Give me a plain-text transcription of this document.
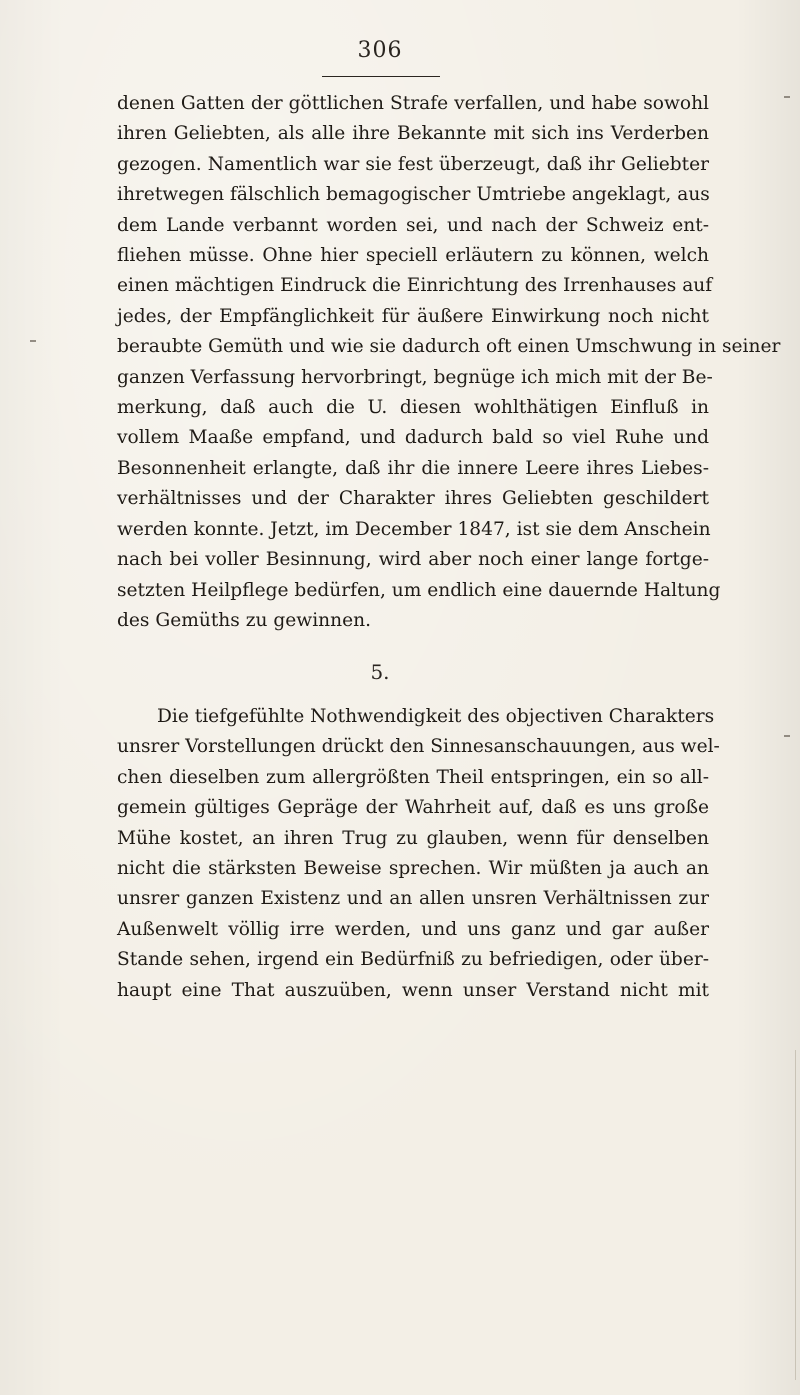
306

denen Gatten der göttlichen Strafe verfallen, und habe sowohl
ihren Geliebten, als alle ihre Bekannte mit sich ins Verderben
gezogen. Namentlich war sie fest überzeugt, daß ihr Geliebter
ihretwegen fälschlich bemagogischer Umtriebe angeklagt, aus
dem Lande verbannt worden sei, und nach der Schweiz ent-
fliehen müsse. Ohne hier speciell erläutern zu können, welch
einen mächtigen Eindruck die Einrichtung des Irrenhauses auf
jedes, der Empfänglichkeit für äußere Einwirkung noch nicht
beraubte Gemüth und wie sie dadurch oft einen Umschwung in seiner
ganzen Verfassung hervorbringt, begnüge ich mich mit der Be-
merkung, daß auch die U. diesen wohlthätigen Einfluß in
vollem Maaße empfand, und dadurch bald so viel Ruhe und
Besonnenheit erlangte, daß ihr die innere Leere ihres Liebes-
verhältnisses und der Charakter ihres Geliebten geschildert
werden konnte. Jetzt, im December 1847, ist sie dem Anschein
nach bei voller Besinnung, wird aber noch einer lange fortge-
setzten Heilpflege bedürfen, um endlich eine dauernde Haltung
des Gemüths zu gewinnen.

5.

Die tiefgefühlte Nothwendigkeit des objectiven Charakters
unsrer Vorstellungen drückt den Sinnesanschauungen, aus wel-
chen dieselben zum allergrößten Theil entspringen, ein so all-
gemein gültiges Gepräge der Wahrheit auf, daß es uns große
Mühe kostet, an ihren Trug zu glauben, wenn für denselben
nicht die stärksten Beweise sprechen. Wir müßten ja auch an
unsrer ganzen Existenz und an allen unsren Verhältnissen zur
Außenwelt völlig irre werden, und uns ganz und gar außer
Stande sehen, irgend ein Bedürfniß zu befriedigen, oder über-
haupt eine That auszuüben, wenn unser Verstand nicht mit
